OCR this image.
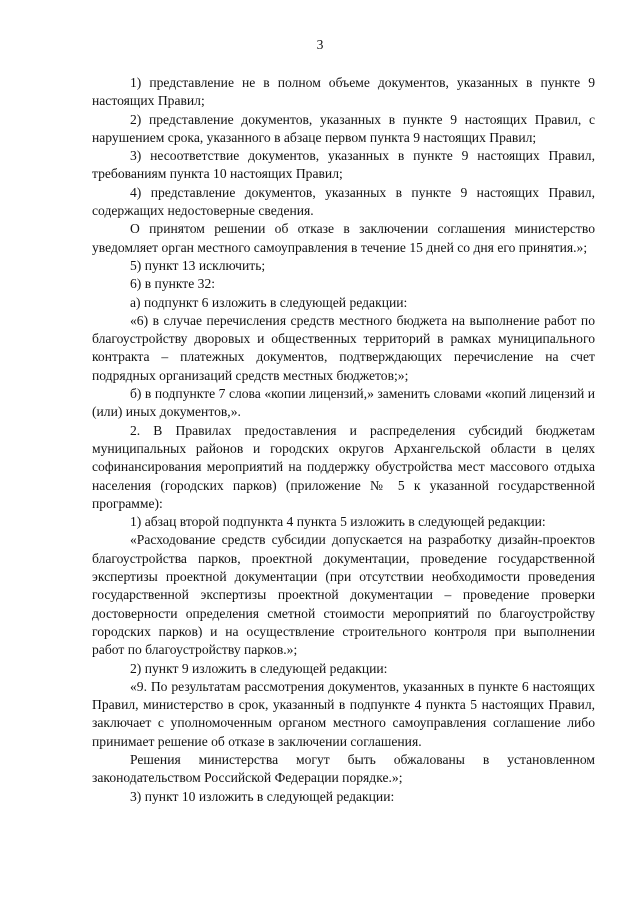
3

1) представление не в полном объеме документов, указанных в пункте 9 настоящих Правил;

2) представление документов, указанных в пункте 9 настоящих Правил, с нарушением срока, указанного в абзаце первом пункта 9 настоящих Правил;

3) несоответствие документов, указанных в пункте 9 настоящих Правил, требованиям пункта 10 настоящих Правил;

4) представление документов, указанных в пункте 9 настоящих Правил, содержащих недостоверные сведения.

О принятом решении об отказе в заключении соглашения министерство уведомляет орган местного самоуправления в течение 15 дней со дня его принятия.»;

5) пункт 13 исключить;

6) в пункте 32:

а) подпункт 6 изложить в следующей редакции:

«6) в случае перечисления средств местного бюджета на выполнение работ по благоустройству дворовых и общественных территорий в рамках муниципального контракта – платежных документов, подтверждающих перечисление на счет подрядных организаций средств местных бюджетов;»;

б) в подпункте 7 слова «копии лицензий,» заменить словами «копий лицензий и (или) иных документов,».

2. В Правилах предоставления и распределения субсидий бюджетам муниципальных районов и городских округов Архангельской области в целях софинансирования мероприятий на поддержку обустройства мест массового отдыха населения (городских парков) (приложение № 5 к указанной государственной программе):

1) абзац второй подпункта 4 пункта 5 изложить в следующей редакции:

«Расходование средств субсидии допускается на разработку дизайн-проектов благоустройства парков, проектной документации, проведение государственной экспертизы проектной документации (при отсутствии необходимости проведения государственной экспертизы проектной документации – проведение проверки достоверности определения сметной стоимости мероприятий по благоустройству городских парков) и на осуществление строительного контроля при выполнении работ по благоустройству парков.»;

2) пункт 9 изложить в следующей редакции:

«9. По результатам рассмотрения документов, указанных в пункте 6 настоящих Правил, министерство в срок, указанный в подпункте 4 пункта 5 настоящих Правил, заключает с уполномоченным органом местного самоуправления соглашение либо принимает решение об отказе в заключении соглашения.

Решения министерства могут быть обжалованы в установленном законодательством Российской Федерации порядке.»;

3) пункт 10 изложить в следующей редакции:
